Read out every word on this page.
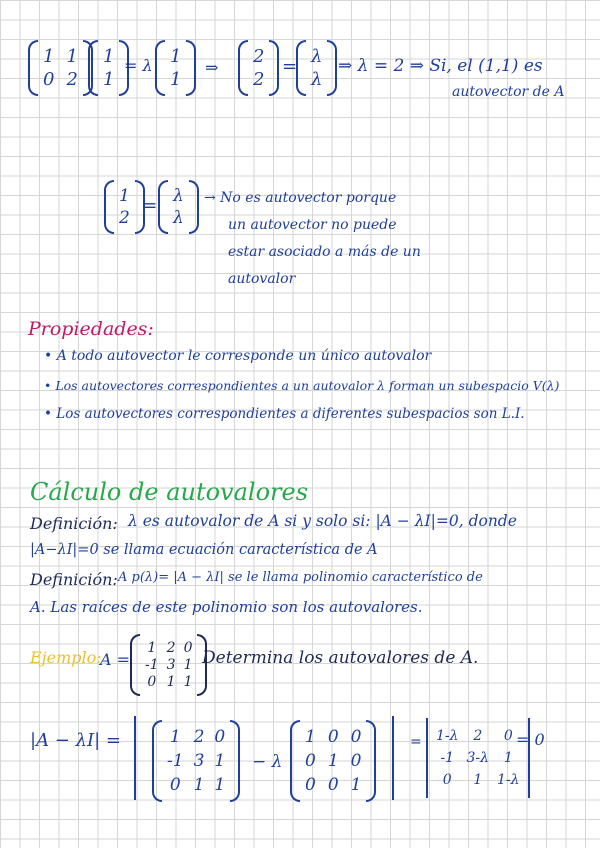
1 1
0 2
1
1
= λ 1
1
⇒
2
2
= λ
λ
⇒ λ = 2 ⇒ Si, el (1,1) es
autovector de A
1
2
= λ
λ
→ No es autovector porque
un autovector no puede
estar asociado a más de un
autovalor
Propiedades:
• A todo autovector le corresponde un único autovalor
• Los autovectores correspondientes a un autovalor λ forman un subespacio V(λ)
• Los autovectores correspondientes a diferentes subespacios son L.I.
Cálculo de autovalores
Definición: λ es autovalor de A si y solo si: |A − λI|=0, donde
|A−λI|=0 se llama ecuación característica de A
Definición: A p(λ)= |A − λI| se le llama polinomio característico de
A. Las raíces de este polinomio son los autovalores.
Ejemplo:
A =
1 2 0
-1 3 1
0 1 1
Determina los autovalores de A.
|A − λI| =	1 2 0
-1 3 1
0 1 1
− λ
1 0 0
0 1 0
0 0 1
= 1-λ	2	0
-1 3-λ	1
0	1	1-λ
= 0
